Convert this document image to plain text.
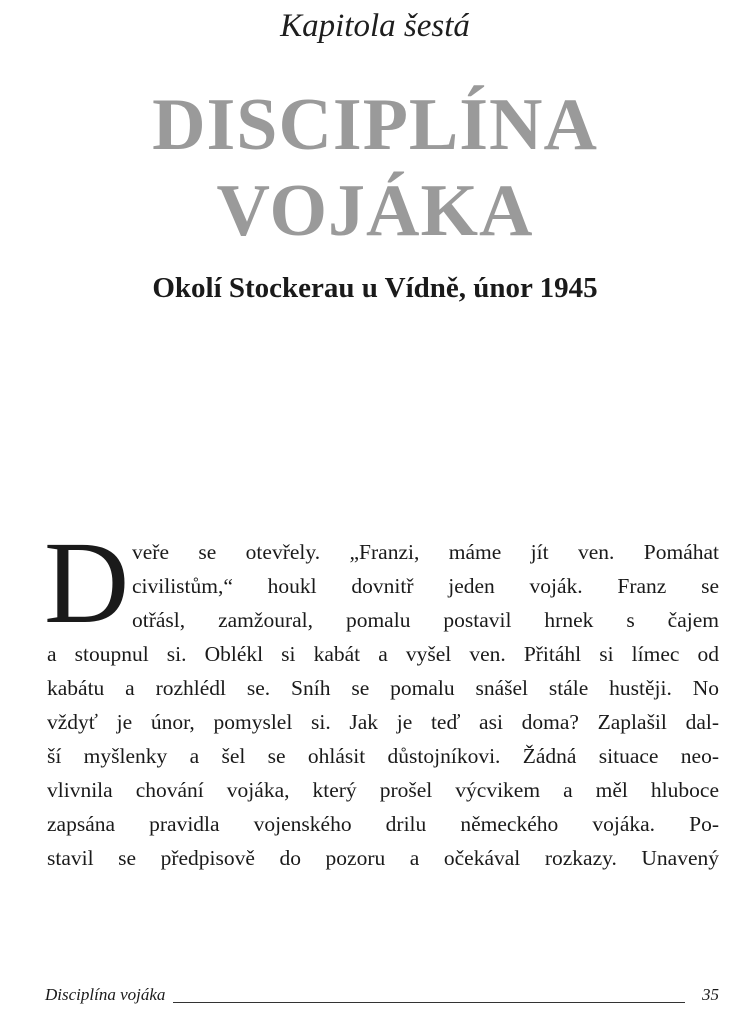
Kapitola šestá
DISCIPLÍNA
VOJÁKA
Okolí Stockerau u Vídně, únor 1945
D veře se otevřely. „Franzi, máme jít ven. Pomáhat
civilistům,“ houkl dovnitř jeden voják. Franz se
otřásl, zamžoural, pomalu postavil hrnek s čajem
a stoupnul si. Oblékl si kabát a vyšel ven. Přitáhl si límec od
kabátu a rozhlédl se. Sníh se pomalu snášel stále hustěji. No
vždyť je únor, pomyslel si. Jak je teď asi doma? Zaplašil dal-
ší myšlenky a šel se ohlásit důstojníkovi. Žádná situace neo-
vlivnila chování vojáka, který prošel výcvikem a měl hluboce
zapsána pravidla vojenského drilu německého vojáka. Po-
stavil se předpisově do pozoru a očekával rozkazy. Unavený
Disciplína vojáka	35
